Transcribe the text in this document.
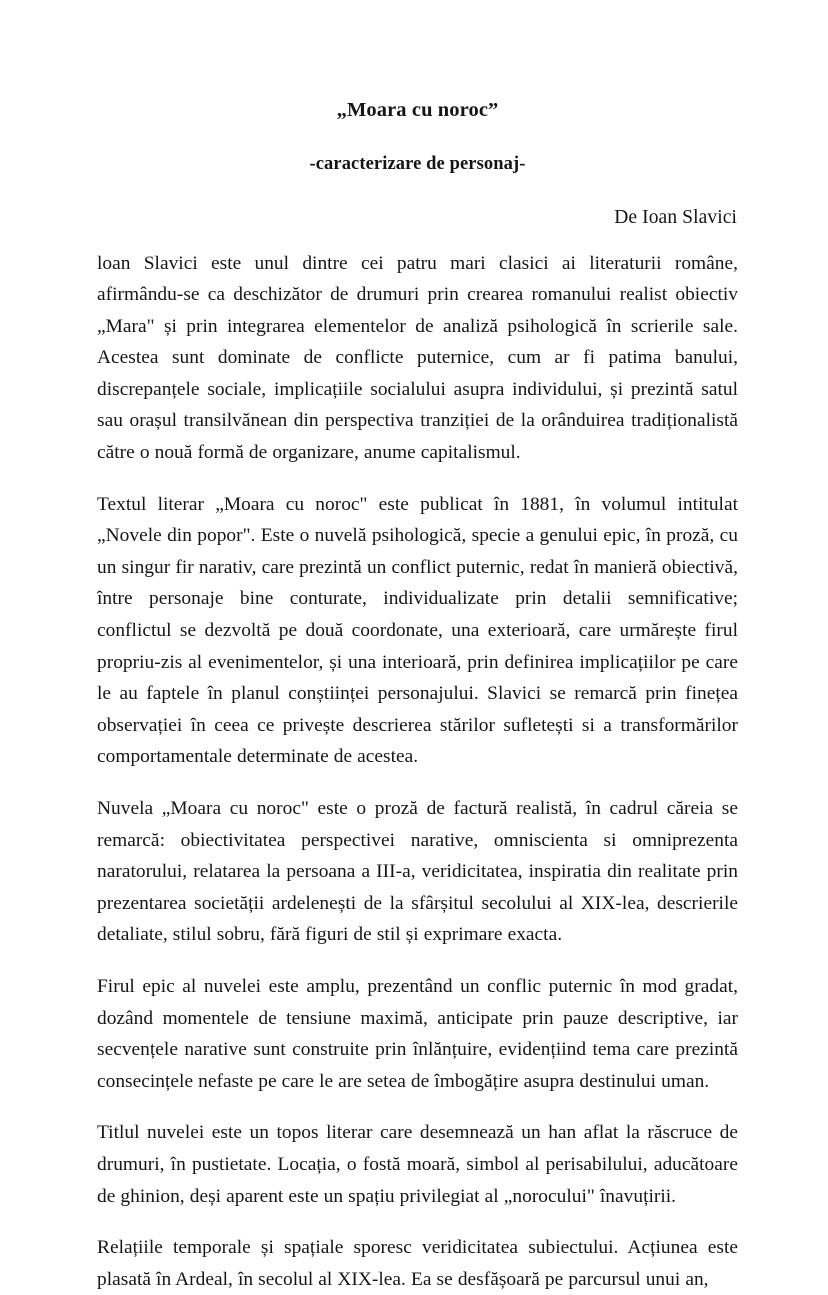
„Moara cu noroc”
-caracterizare de personaj-

De Ioan Slavici

loan Slavici este unul dintre cei patru mari clasici ai literaturii române, afirmându-se ca deschizător de drumuri prin crearea romanului realist obiectiv „Mara" și prin integrarea elementelor de analiză psihologică în scrierile sale. Acestea sunt dominate de conflicte puternice, cum ar fi patima banului, discrepanțele sociale, implicațiile socialului asupra individului, și prezintă satul sau orașul transilvănean din perspectiva tranziției de la orânduirea tradiționalistă către o nouă formă de organizare, anume capitalismul.

Textul literar „Moara cu noroc" este publicat în 1881, în volumul intitulat „Novele din popor". Este o nuvelă psihologică, specie a genului epic, în proză, cu un singur fir narativ, care prezintă un conflict puternic, redat în manieră obiectivă, între personaje bine conturate, individualizate prin detalii semnificative; conflictul se dezvoltă pe două coordonate, una exterioară, care urmărește firul propriu-zis al evenimentelor, și una interioară, prin definirea implicațiilor pe care le au faptele în planul conștiinței personajului. Slavici se remarcă prin finețea observației în ceea ce privește descrierea stărilor sufletești si a transformărilor comportamentale determinate de acestea.

Nuvela „Moara cu noroc" este o proză de factură realistă, în cadrul căreia se remarcă: obiectivitatea perspectivei narative, omniscienta si omniprezenta naratorului, relatarea la persoana a III-a, veridicitatea, inspiratia din realitate prin prezentarea societății ardelenești de la sfârșitul secolului al XIX-lea, descrierile detaliate, stilul sobru, fără figuri de stil și exprimare exacta.

Firul epic al nuvelei este amplu, prezentând un conflic puternic în mod gradat, dozând momentele de tensiune maximă, anticipate prin pauze descriptive, iar secvențele narative sunt construite prin înlănțuire, evidențiind tema care prezintă consecințele nefaste pe care le are setea de îmbogățire asupra destinului uman.

Titlul nuvelei este un topos literar care desemnează un han aflat la răscruce de drumuri, în pustietate. Locația, o fostă moară, simbol al perisabilului, aducătoare de ghinion, deși aparent este un spațiu privilegiat al „norocului" înavuțirii.

Relațiile temporale și spațiale sporesc veridicitatea subiectului. Acțiunea este plasată în Ardeal, în secolul al XIX-lea. Ea se desfășoară pe parcursul unui an,
